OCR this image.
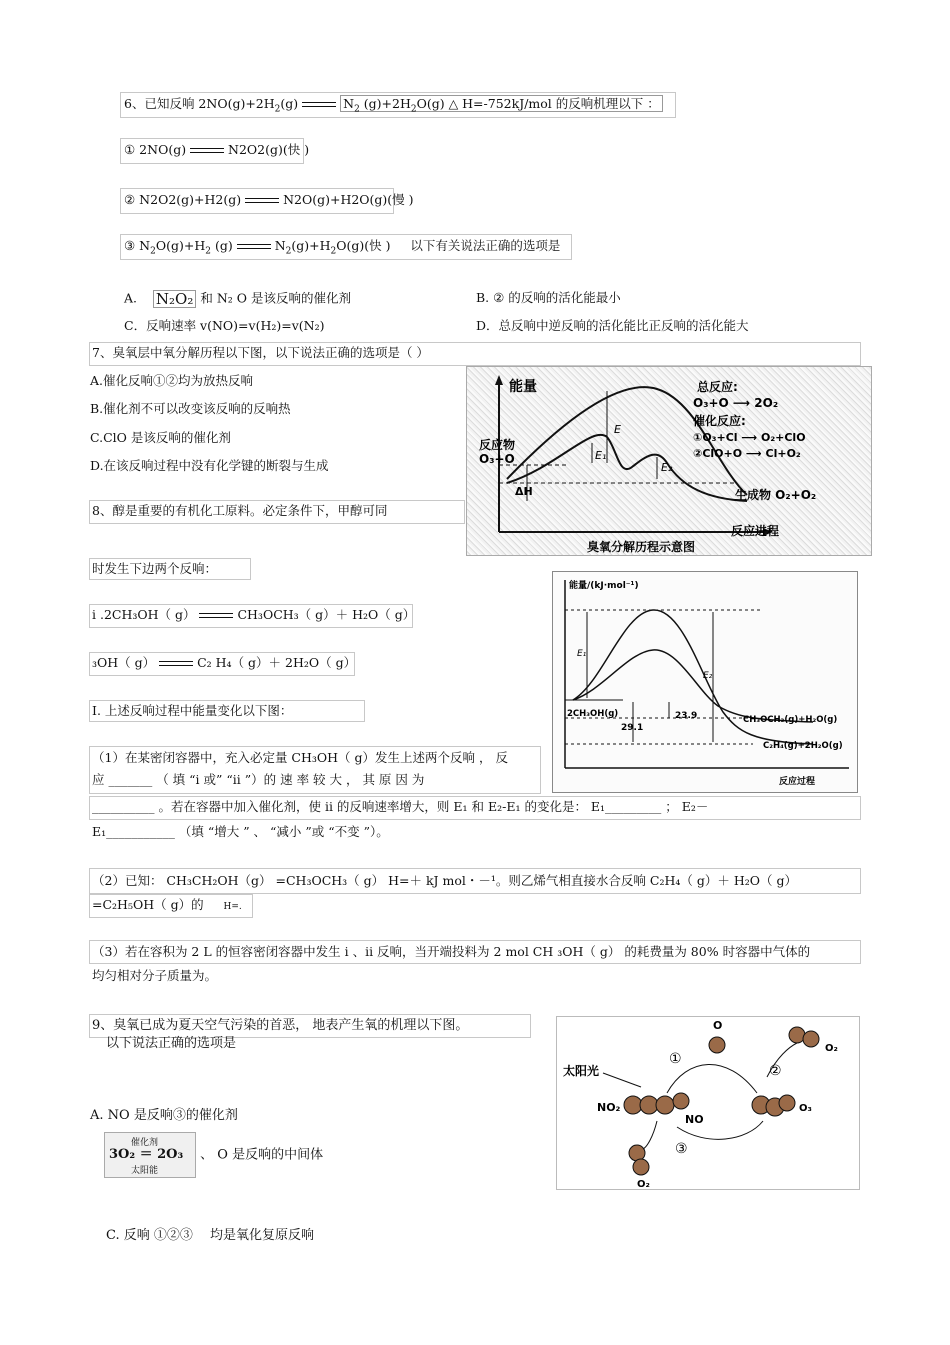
6、已知反响 $2NO(g)+2H_2(g)$	$N_2$ $(g)+2H_2O(g)$ △ H=-752kJ/mol 的反响机理以下 ：
① 2NO(g)	N2O2(g)(快 )
② N2O2(g)+H2(g)	N2O(g)+H2O(g)(慢 )
③ $N_2O(g)+H_2$ (g)	$N_2(g)+H_2O(g)$(快 ) 以下有关说法正确的选项是
A. N₂O₂ 和 N₂ O 是该反响的催化剂	B. ② 的反响的活化能最小
C．反响速率 v(NO)=v(H₂)=v(N₂)	D．总反响中逆反响的活化能比正反响的活化能大
7、臭氧层中氧分解历程以下图，以下说法正确的选项是（ ）
A.催化反响①②均为放热反响
B.催化剂不可以改变该反响的反响热
C.ClO 是该反响的催化剂
D.在该反响过程中没有化学键的断裂与生成
能量
E
E₁
E₂
ΔH
反应物
O₃+O
总反应:
O₃+O ⟶ 2O₂
催化反应:
①O₃+Cl ⟶ O₂+ClO
②ClO+O ⟶ Cl+O₂
生成物 O₂+O₂
反应进程
臭氧分解历程示意图
8、醇是重要的有机化工原料。必定条件下，甲醇可同
时发生下边两个反响：
i .2CH₃OH（ g）	CH₃OCH₃（ g）＋ H₂O（ g）
₃OH（ g）	C₂ H₄（ g）＋ 2H₂O（ g）
I. 上述反响过程中能量变化以下图：
能量/(kJ·mol⁻¹)
E₁
E₂
2CH₃OH(g)
29.1
23.9	CH₃OCH₃(g)+H₂O(g)
C₂H₄(g)+2H₂O(g)
反应过程
（1）在某密闭容器中，充入必定量 CH₃OH（ g）发生上述两个反响 ， 反
应 _______ （ 填 “i 或” “ii ”）的 速 率 较 大 ， 其 原 因 为
__________ 。若在容器中加入催化剂，使 ii 的反响速率增大，则 E₁ 和 E₂-E₁ 的变化是： E₁_________ ； E₂－
E₁___________ （填 “增大 ” 、 “减小 ”或 “不变 ”）。
（2）已知： CH₃CH₂OH（g） =CH₃OCH₃（ g） H=＋ kJ mol・－¹。则乙烯气相直接水合反响 C₂H₄（ g）＋ H₂O（ g）
=C₂H₅OH（ g）的 H=.
（3）若在容积为 2 L 的恒容密闭容器中发生 i 、ii 反响，当开端投料为 2 mol CH ₃OH（ g） 的耗费量为 80% 时容器中气体的
均匀相对分子质量为。
9、臭氧已成为夏天空气污染的首恶， 地表产生氧的机理以下图。
以下说法正确的选项是
A. NO 是反响③的催化剂
催化剂
3O₂ ＝ 2O₃
太阳能
、 O 是反响的中间体
C. 反响 ①②③　 均是氧化复原反响
太阳光
①
②
③
O
O₂
NO₂
NO
O₃
O₂
